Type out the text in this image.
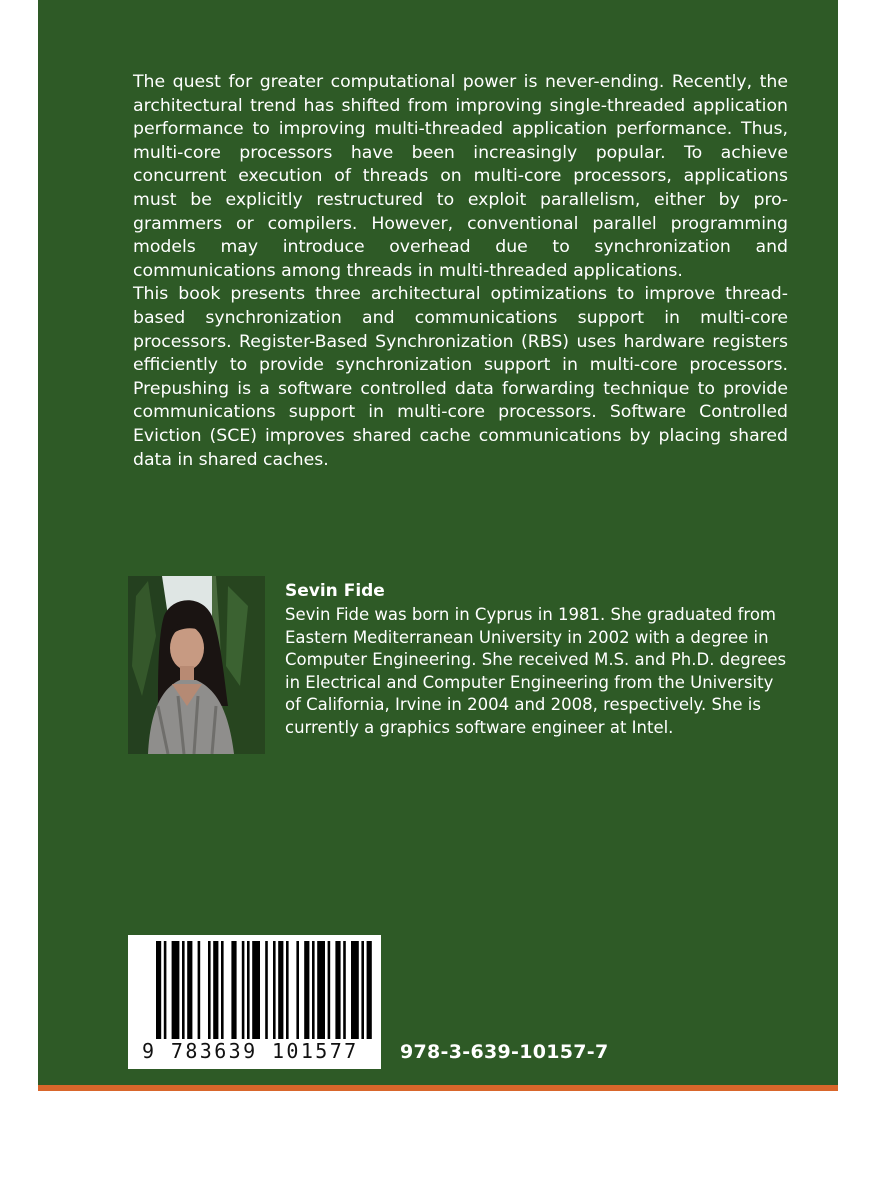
The quest for greater computational power is never-ending. Recently, the architectural trend has shifted from improving single-threaded application performance to improving multi-threaded application performance. Thus, multi-core processors have been increasingly popular. To achieve concurrent execution of threads on multi-core processors, applications must be explicitly restructured to exploit parallelism, either by programmers or compilers. However, conventional parallel programming models may introduce overhead due to synchronization and communications among threads in multi-threaded applications.

This book presents three architectural optimizations to improve thread-based synchronization and communications support in multi-core processors. Register-Based Synchronization (RBS) uses hardware registers efficiently to provide synchronization support in multi-core processors. Prepushing is a software controlled data forwarding technique to provide communications support in multi-core processors. Software Controlled Eviction (SCE) improves shared cache communications by placing shared data in shared caches.

Sevin Fide
Sevin Fide was born in Cyprus in 1981. She graduated from Eastern Mediterranean University in 2002 with a degree in Computer Engineering. She received M.S. and Ph.D. degrees in Electrical and Computer Engineering from the University of California, Irvine in 2004 and 2008, respectively. She is currently a graphics software engineer at Intel.
9 783639 101577	978-3-639-10157-7
